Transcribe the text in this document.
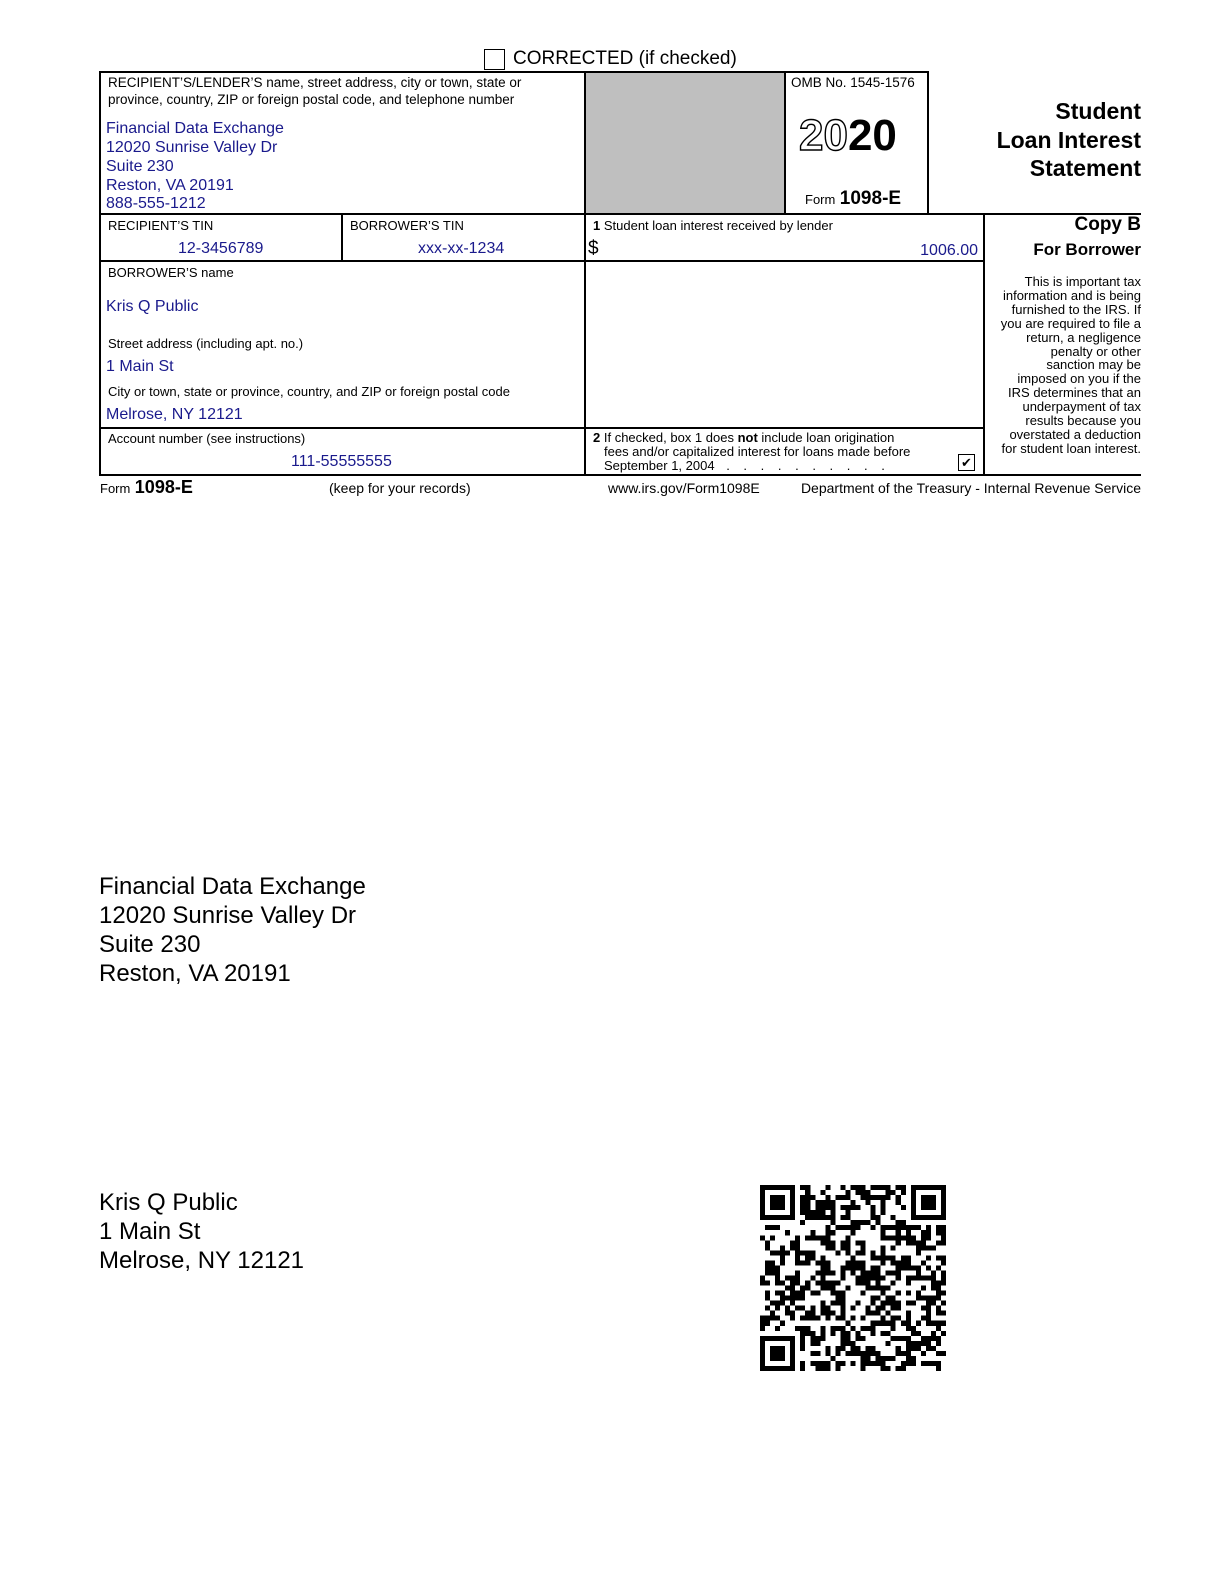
CORRECTED (if checked)
RECIPIENT’S/LENDER’S name, street address, city or town, state or
province, country, ZIP or foreign postal code, and telephone number
Financial Data Exchange
12020 Sunrise Valley Dr
Suite 230
Reston, VA 20191
888-555-1212
OMB No. 1545-1576
2020
Form 1098-E
Student
Loan Interest
Statement
RECIPIENT’S TIN
12-3456789
BORROWER’S TIN
xxx-xx-1234
1 Student loan interest received by lender
$	1006.00
Copy B
For Borrower
This is important tax
information and is being
furnished to the IRS. If
you are required to file a
return, a negligence
penalty or other
sanction may be
imposed on you if the
IRS determines that an
underpayment of tax
results because you
overstated a deduction
for student loan interest.
BORROWER’S name
Kris Q Public
Street address (including apt. no.)
1 Main St
City or town, state or province, country, and ZIP or foreign postal code
Melrose, NY 12121
Account number (see instructions)
111-55555555
2 If checked, box 1 does not include loan origination
fees and/or capitalized interest for loans made before
September 1, 2004 . . . . . . . . . .	✔
Form 1098-E	(keep for your records)	www.irs.gov/Form1098E	Department of the Treasury - Internal Revenue Service
Financial Data Exchange
12020 Sunrise Valley Dr
Suite 230
Reston, VA 20191
Kris Q Public
1 Main St
Melrose, NY 12121
